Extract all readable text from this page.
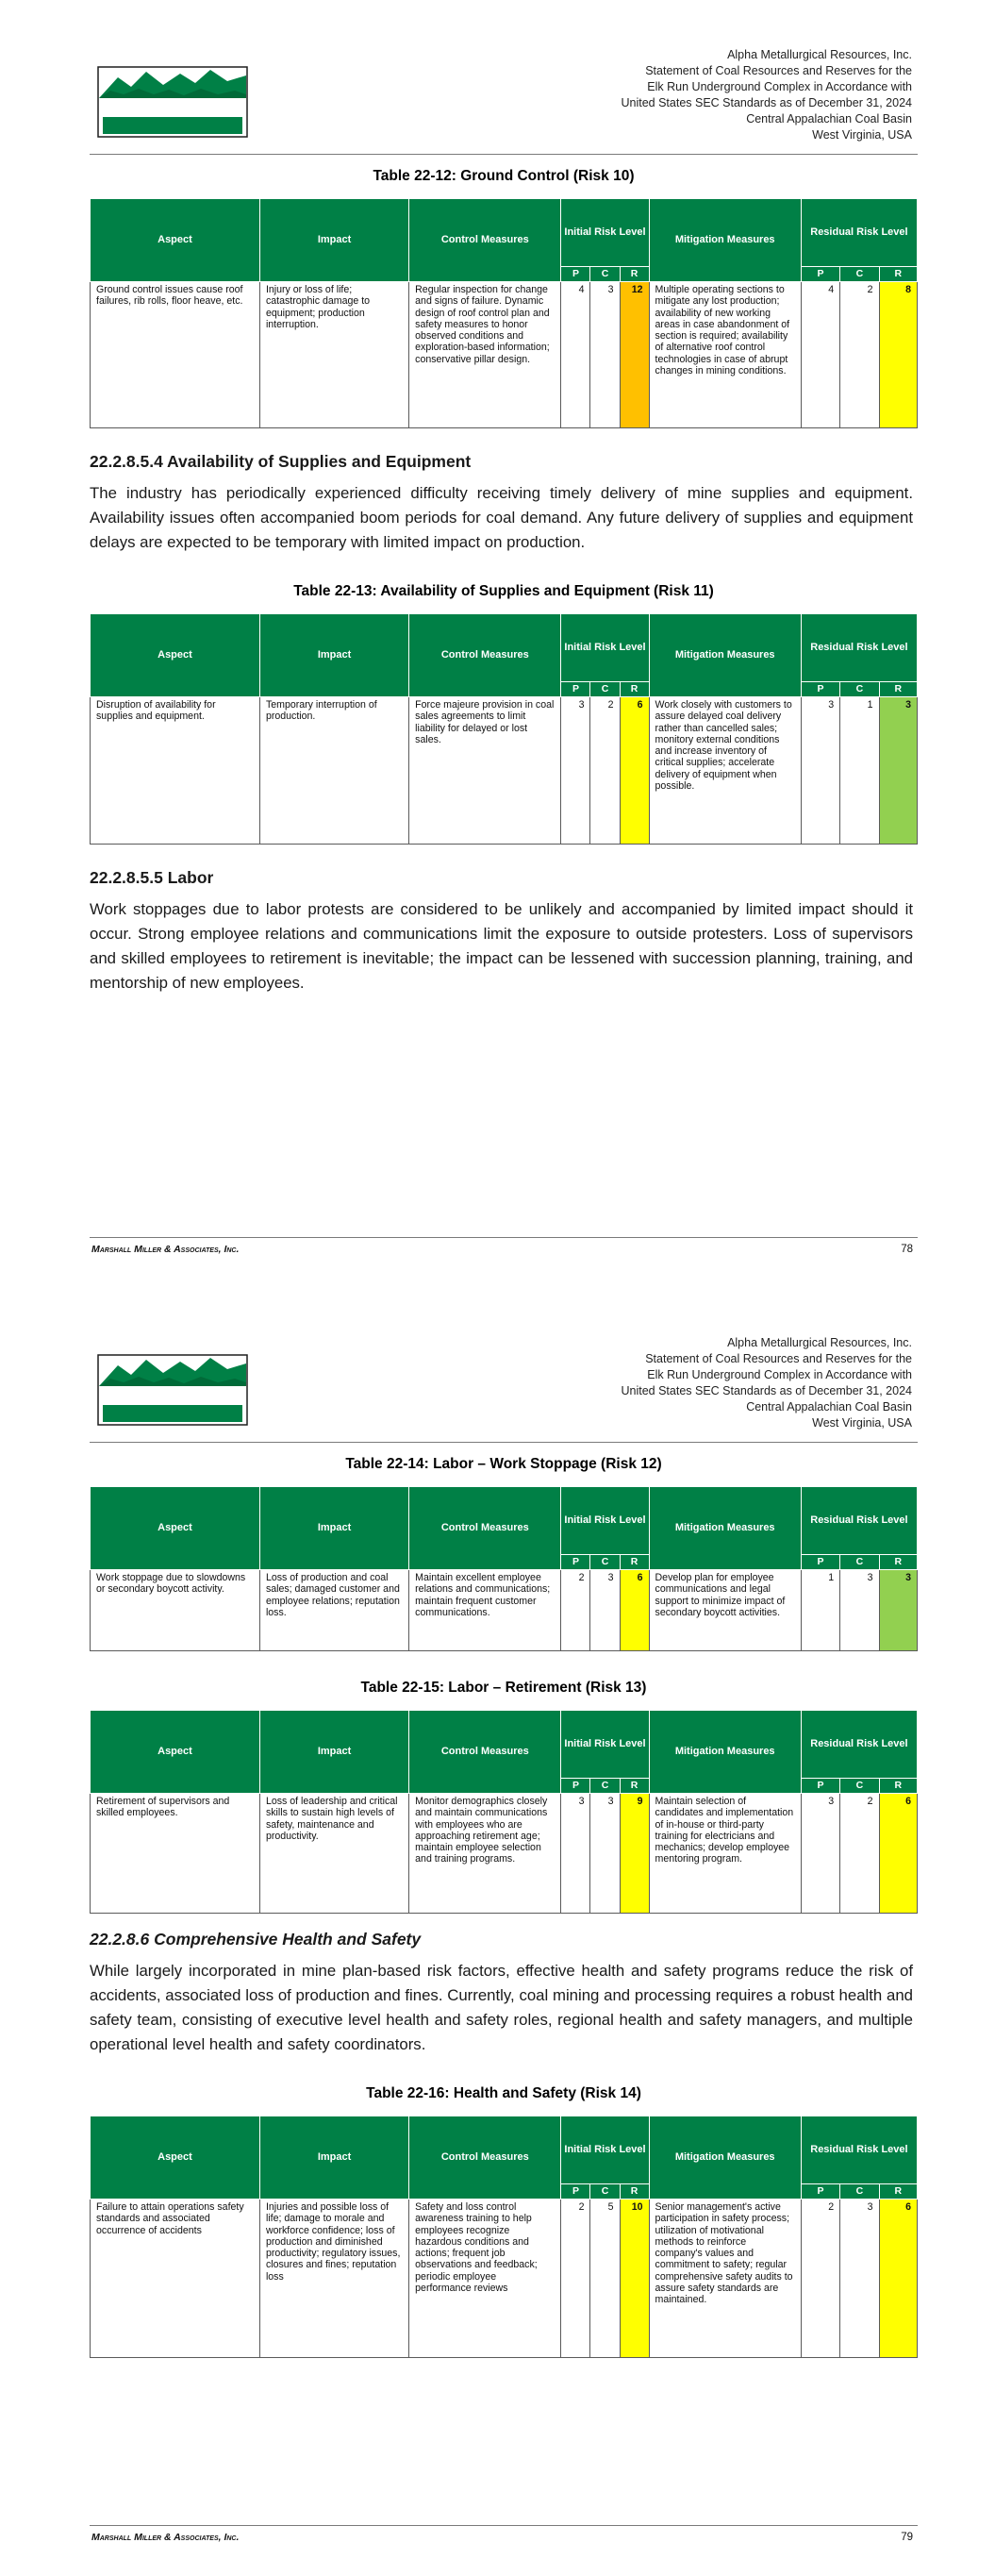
Alpha Metallurgical Resources, Inc.
Statement of Coal Resources and Reserves for the
Elk Run Underground Complex in Accordance with
United States SEC Standards as of December 31, 2024
Central Appalachian Coal Basin
West Virginia, USA
Table 22-12: Ground Control (Risk 10)
Aspect	Impact	Control Measures	Initial Risk Level			Mitigation Measures	Residual Risk Level		
			P	C	R		P	C	R
Ground control issues cause roof failures, rib rolls, floor heave, etc.	Injury or loss of life; catastrophic damage to equipment; production interruption.	Regular inspection for change and signs of failure. Dynamic design of roof control plan and safety measures to honor observed conditions and exploration-based information; conservative pillar design.	4	3	12	Multiple operating sections to mitigate any lost production; availability of new working areas in case abandonment of section is required; availability of alternative roof control technologies in case of abrupt changes in mining conditions.	4	2	8
22.2.8.5.4 Availability of Supplies and Equipment
The industry has periodically experienced difficulty receiving timely delivery of mine supplies and equipment. Availability issues often accompanied boom periods for coal demand. Any future delivery of supplies and equipment delays are expected to be temporary with limited impact on production.
Table 22-13: Availability of Supplies and Equipment (Risk 11)
Aspect	Impact	Control Measures	Initial Risk Level			Mitigation Measures	Residual Risk Level		
			P	C	R		P	C	R
Disruption of availability for supplies and equipment.	Temporary interruption of production.	Force majeure provision in coal sales agreements to limit liability for delayed or lost sales.	3	2	6	Work closely with customers to assure delayed coal delivery rather than cancelled sales; monitory external conditions and increase inventory of critical supplies; accelerate delivery of equipment when possible.	3	1	3
22.2.8.5.5 Labor
Work stoppages due to labor protests are considered to be unlikely and accompanied by limited impact should it occur. Strong employee relations and communications limit the exposure to outside protesters. Loss of supervisors and skilled employees to retirement is inevitable; the impact can be lessened with succession planning, training, and mentorship of new employees.
Marshall Miller & Associates, Inc.	78
Alpha Metallurgical Resources, Inc.
Statement of Coal Resources and Reserves for the
Elk Run Underground Complex in Accordance with
United States SEC Standards as of December 31, 2024
Central Appalachian Coal Basin
West Virginia, USA
Table 22-14: Labor – Work Stoppage (Risk 12)
Aspect	Impact	Control Measures	Initial Risk Level			Mitigation Measures	Residual Risk Level		
			P	C	R		P	C	R
Work stoppage due to slowdowns or secondary boycott activity.	Loss of production and coal sales; damaged customer and employee relations; reputation loss.	Maintain excellent employee relations and communications; maintain frequent customer communications.	2	3	6	Develop plan for employee communications and legal support to minimize impact of secondary boycott activities.	1	3	3
Table 22-15: Labor – Retirement (Risk 13)
Aspect	Impact	Control Measures	Initial Risk Level			Mitigation Measures	Residual Risk Level		
			P	C	R		P	C	R
Retirement of supervisors and skilled employees.	Loss of leadership and critical skills to sustain high levels of safety, maintenance and productivity.	Monitor demographics closely and maintain communications with employees who are approaching retirement age; maintain employee selection and training programs.	3	3	9	Maintain selection of candidates and implementation of in-house or third-party training for electricians and mechanics; develop employee mentoring program.	3	2	6
22.2.8.6 Comprehensive Health and Safety
While largely incorporated in mine plan-based risk factors, effective health and safety programs reduce the risk of accidents, associated loss of production and fines. Currently, coal mining and processing requires a robust health and safety team, consisting of executive level health and safety roles, regional health and safety managers, and multiple operational level health and safety coordinators.
Table 22-16: Health and Safety (Risk 14)
Aspect	Impact	Control Measures	Initial Risk Level			Mitigation Measures	Residual Risk Level		
			P	C	R		P	C	R
Failure to attain operations safety standards and associated occurrence of accidents	Injuries and possible loss of life; damage to morale and workforce confidence; loss of production and diminished productivity; regulatory issues, closures and fines; reputation loss	Safety and loss control awareness training to help employees recognize hazardous conditions and actions; frequent job observations and feedback; periodic employee performance reviews	2	5	10	Senior management's active participation in safety process; utilization of motivational methods to reinforce company's values and commitment to safety; regular comprehensive safety audits to assure safety standards are maintained.	2	3	6
Marshall Miller & Associates, Inc.	79
